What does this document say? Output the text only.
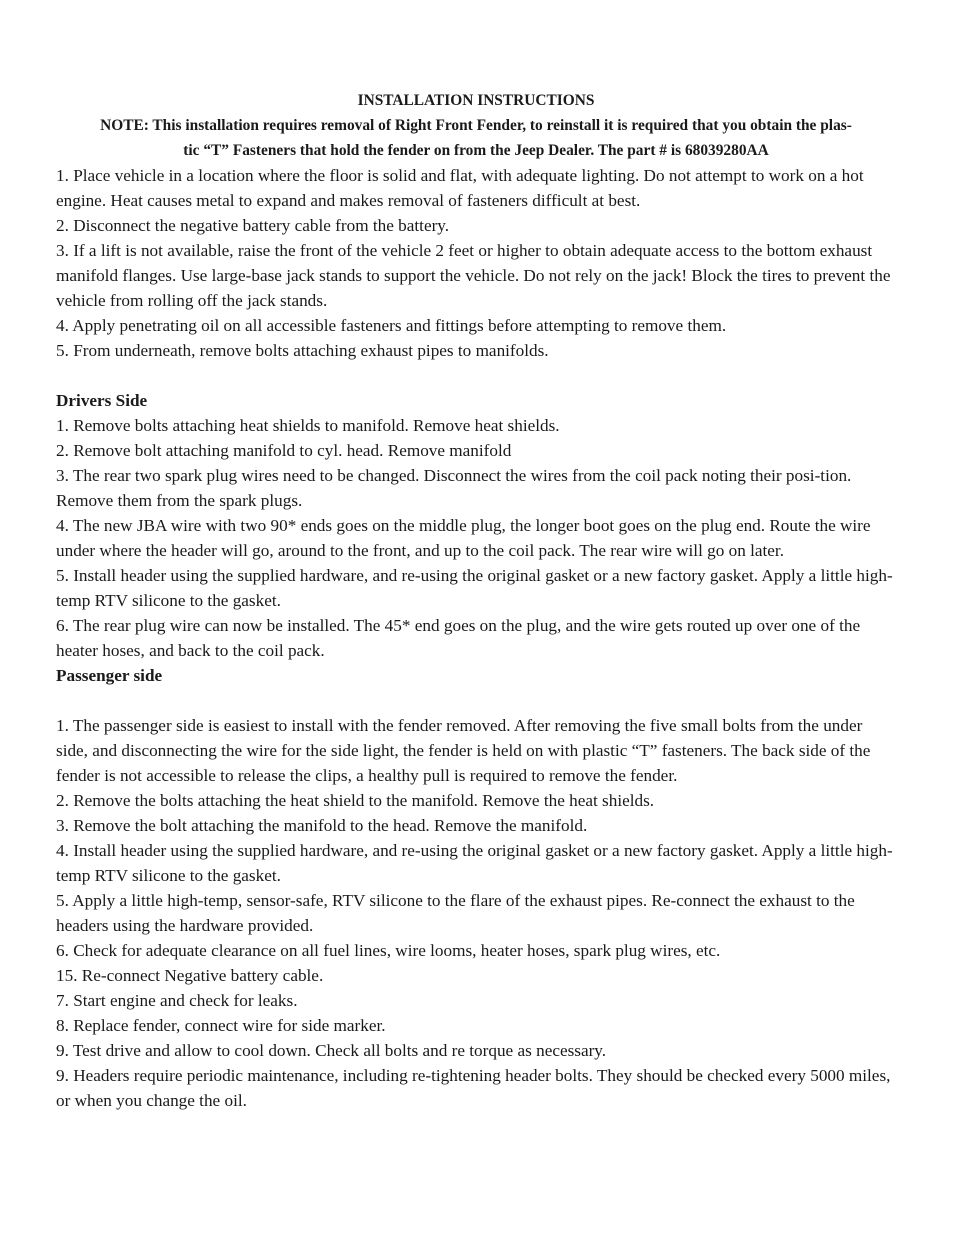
INSTALLATION INSTRUCTIONS
NOTE: This installation requires removal of Right Front Fender, to reinstall it is required that you obtain the plas-
tic “T” Fasteners that hold the fender on from the Jeep Dealer. The part # is 68039280AA

1. Place vehicle in a location where the floor is solid and flat, with adequate lighting. Do not attempt to work on a hot engine. Heat causes metal to expand and makes removal of fasteners difficult at best.

2. Disconnect the negative battery cable from the battery.

3. If a lift is not available, raise the front of the vehicle 2 feet or higher to obtain adequate access to the bottom exhaust manifold flanges. Use large-base jack stands to support the vehicle. Do not rely on the jack! Block the tires to prevent the vehicle from rolling off the jack stands.

4. Apply penetrating oil on all accessible fasteners and fittings before attempting to remove them.

5. From underneath, remove bolts attaching exhaust pipes to manifolds.

Drivers Side

1. Remove bolts attaching heat shields to manifold. Remove heat shields.

2. Remove bolt attaching manifold to cyl. head. Remove manifold

3. The rear two spark plug wires need to be changed. Disconnect the wires from the coil pack noting their posi-tion. Remove them from the spark plugs.

4. The new JBA wire with two 90* ends goes on the middle plug, the longer boot goes on the plug end. Route the wire under where the header will go, around to the front, and up to the coil pack. The rear wire will go on later.

5. Install header using the supplied hardware, and re-using the original gasket or a new factory gasket. Apply a little high-temp RTV silicone to the gasket.

6. The rear plug wire can now be installed. The 45* end goes on the plug, and the wire gets routed up over one of the heater hoses, and back to the coil pack.

Passenger side

1. The passenger side is easiest to install with the fender removed. After removing the five small bolts from the under side, and disconnecting the wire for the side light, the fender is held on with plastic “T” fasteners. The back side of the fender is not accessible to release the clips, a healthy pull is required to remove the fender.

2. Remove the bolts attaching the heat shield to the manifold. Remove the heat shields.

3. Remove the bolt attaching the manifold to the head. Remove the manifold.

4. Install header using the supplied hardware, and re-using the original gasket or a new factory gasket. Apply a little high-temp RTV silicone to the gasket.

5. Apply a little high-temp, sensor-safe, RTV silicone to the flare of the exhaust pipes. Re-connect the exhaust to the headers using the hardware provided.

6. Check for adequate clearance on all fuel lines, wire looms, heater hoses, spark plug wires, etc.

15. Re-connect Negative battery cable.

7. Start engine and check for leaks.

8. Replace fender, connect wire for side marker.

9. Test drive and allow to cool down. Check all bolts and re torque as necessary.

9. Headers require periodic maintenance, including re-tightening header bolts. They should be checked every 5000 miles, or when you change the oil.
